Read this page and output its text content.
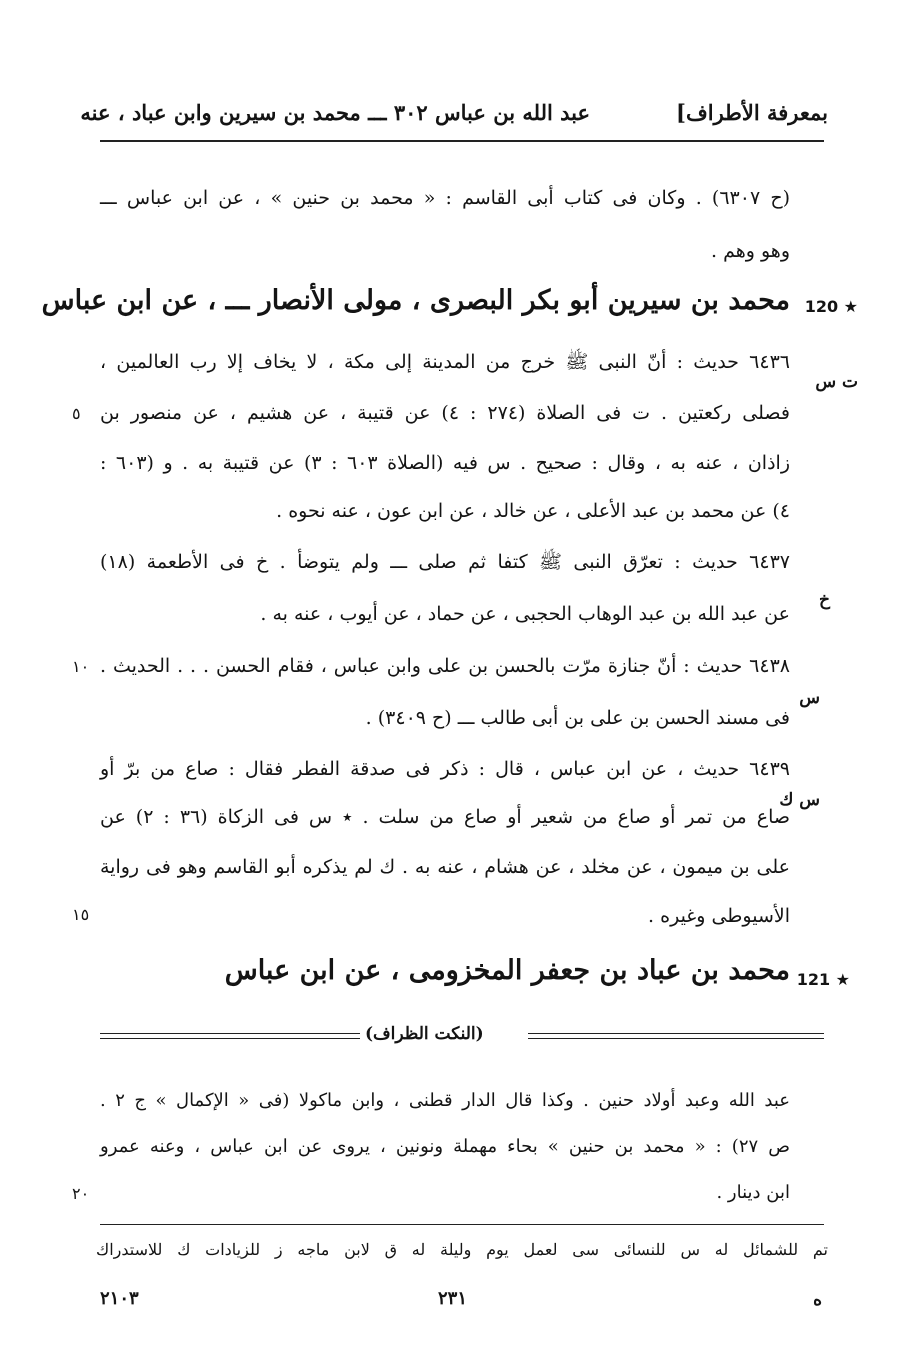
بمعرفة الأطراف]
عبد الله بن عباس ٣٠٢ ـــ محمد بن سيرين وابن عباد ، عنه
(ح ٦٣٠٧) . وكان فى كتاب أبى القاسم : « محمد بن حنين » ، عن ابن عباس ـــ
وهو وهم .
120 ★
محمد بن سيرين أبو بكر البصرى ، مولى الأنصار ـــ ، عن ابن عباس
٦٤٣٦ حديث : أنّ النبى ﷺ خرج من المدينة إلى مكة ، لا يخاف إلا رب العالمين ،
ت س
فصلى ركعتين . ت فى الصلاة (٢٧٤ : ٤) عن قتيبة ، عن هشيم ، عن منصور بن
٥
زاذان ، عنه به ، وقال : صحيح . س فيه (الصلاة ٦٠٣ : ٣) عن قتيبة به . و (٦٠٣ :
٤) عن محمد بن عبد الأعلى ، عن خالد ، عن ابن عون ، عنه نحوه .
٦٤٣٧ حديث : تعرّق النبى ﷺ كتفا ثم صلى ـــ ولم يتوضأ . خ فى الأطعمة (١٨)
خ
عن عبد الله بن عبد الوهاب الحجبى ، عن حماد ، عن أيوب ، عنه به .
٦٤٣٨ حديث : أنّ جنازة مرّت بالحسن بن على وابن عباس ، فقام الحسن . . . الحديث .
١٠
س
فى مسند الحسن بن على بن أبى طالب ـــ (ح ٣٤٠٩) .
٦٤٣٩ حديث ، عن ابن عباس ، قال : ذكر فى صدقة الفطر فقال : صاع من برّ أو
س ك
صاع من تمر أو صاع من شعير أو صاع من سلت . ٭ س فى الزكاة (٣٦ : ٢) عن
على بن ميمون ، عن مخلد ، عن هشام ، عنه به . ك لم يذكره أبو القاسم وهو فى رواية
الأسيوطى وغيره .
١٥
121 ★
محمد بن عباد بن جعفر المخزومى ، عن ابن عباس
(النكت الظراف)
عبد الله وعبد أولاد حنين . وكذا قال الدار قطنى ، وابن ماكولا (فى « الإكمال » ج ٢ .
ص ٢٧) : « محمد بن حنين » بحاء مهملة ونونين ، يروى عن ابن عباس ، وعنه عمرو
ابن دينار .
٢٠
تم للشمائل له س للنسائى سى لعمل يوم وليلة له ق لابن ماجه ز للزيادات ك للاستدراك
ه
٢٣١
٢١٠٣
